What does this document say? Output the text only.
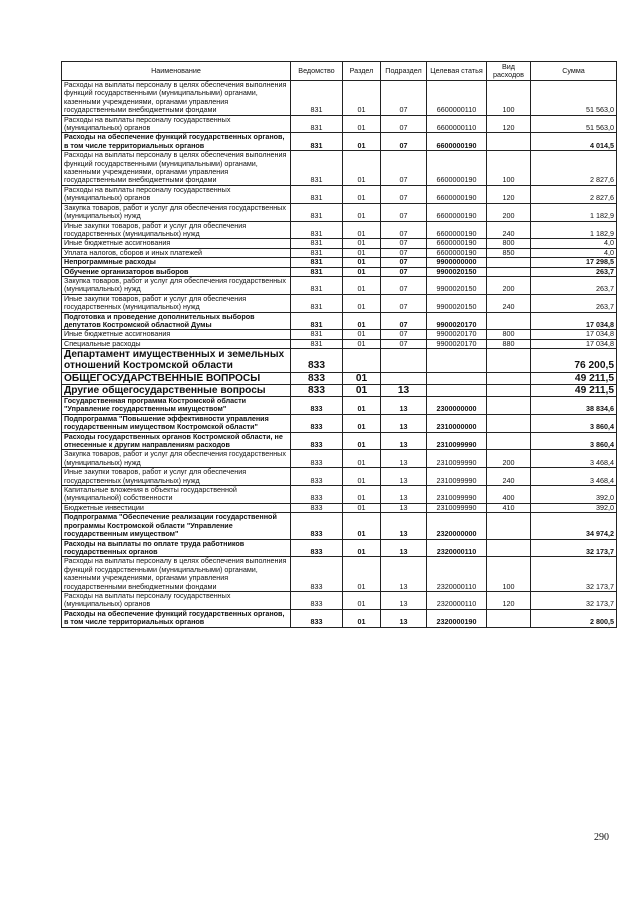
Наименование	Ведомство	Раздел	Подраздел	Целевая статья	Вид расходов	Сумма
Расходы на выплаты персоналу в целях обеспечения выполнения функций государственными (муниципальными) органами, казенными учреждениями, органами управления государственными внебюджетными фондами	831	01	07	6600000110	100	51 563,0
Расходы на выплаты персоналу государственных (муниципальных) органов	831	01	07	6600000110	120	51 563,0
Расходы на обеспечение функций государственных органов, в том числе территориальных органов	831	01	07	6600000190		4 014,5
Расходы на выплаты персоналу в целях обеспечения выполнения функций государственными (муниципальными) органами, казенными учреждениями, органами управления государственными внебюджетными фондами	831	01	07	6600000190	100	2 827,6
Расходы на выплаты персоналу государственных (муниципальных) органов	831	01	07	6600000190	120	2 827,6
Закупка товаров, работ и услуг для обеспечения государственных (муниципальных) нужд	831	01	07	6600000190	200	1 182,9
Иные закупки товаров, работ и услуг для обеспечения государственных (муниципальных) нужд	831	01	07	6600000190	240	1 182,9
Иные бюджетные ассигнования	831	01	07	6600000190	800	4,0
Уплата налогов, сборов и иных платежей	831	01	07	6600000190	850	4,0
Непрограммные расходы	831	01	07	9900000000		17 298,5
Обучение организаторов выборов	831	01	07	9900020150		263,7
Закупка товаров, работ и услуг для обеспечения государственных (муниципальных) нужд	831	01	07	9900020150	200	263,7
Иные закупки товаров, работ и услуг для обеспечения государственных (муниципальных) нужд	831	01	07	9900020150	240	263,7
Подготовка и проведение дополнительных выборов депутатов Костромской областной Думы	831	01	07	9900020170		17 034,8
Иные бюджетные ассигнования	831	01	07	9900020170	800	17 034,8
Специальные расходы	831	01	07	9900020170	880	17 034,8
Департамент имущественных и земельных отношений Костромской области	833					76 200,5
ОБЩЕГОСУДАРСТВЕННЫЕ ВОПРОСЫ	833	01				49 211,5
Другие общегосударственные вопросы	833	01	13			49 211,5
Государственная программа Костромской области "Управление государственным имуществом"	833	01	13	2300000000		38 834,6
Подпрограмма "Повышение эффективности управления государственным имуществом Костромской области"	833	01	13	2310000000		3 860,4
Расходы государственных органов Костромской области, не отнесенные к другим направлениям расходов	833	01	13	2310099990		3 860,4
Закупка товаров, работ и услуг для обеспечения государственных (муниципальных) нужд	833	01	13	2310099990	200	3 468,4
Иные закупки товаров, работ и услуг для обеспечения государственных (муниципальных) нужд	833	01	13	2310099990	240	3 468,4
Капитальные вложения в объекты государственной (муниципальной) собственности	833	01	13	2310099990	400	392,0
Бюджетные инвестиции	833	01	13	2310099990	410	392,0
Подпрограмма "Обеспечение реализации государственной программы Костромской области "Управление государственным имуществом"	833	01	13	2320000000		34 974,2
Расходы на выплаты по оплате труда работников государственных органов	833	01	13	2320000110		32 173,7
Расходы на выплаты персоналу в целях обеспечения выполнения функций государственными (муниципальными) органами, казенными учреждениями, органами управления государственными внебюджетными фондами	833	01	13	2320000110	100	32 173,7
Расходы на выплаты персоналу государственных (муниципальных) органов	833	01	13	2320000110	120	32 173,7
Расходы на обеспечение функций государственных органов, в том числе территориальных органов	833	01	13	2320000190		2 800,5
290
